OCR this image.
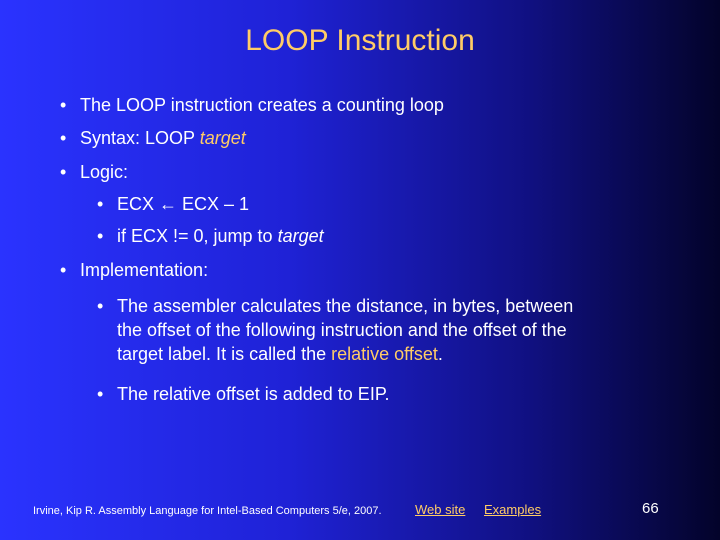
LOOP Instruction
• The LOOP instruction creates a counting loop
• Syntax: LOOP target
• Logic:
• ECX ← ECX – 1
• if ECX != 0, jump to target
• Implementation:
• The assembler calculates the distance, in bytes, between
the offset of the following instruction and the offset of the
target label. It is called the relative offset.
• The relative offset is added to EIP.
Irvine, Kip R. Assembly Language for Intel-Based Computers 5/e, 2007.	Web site Examples	66
